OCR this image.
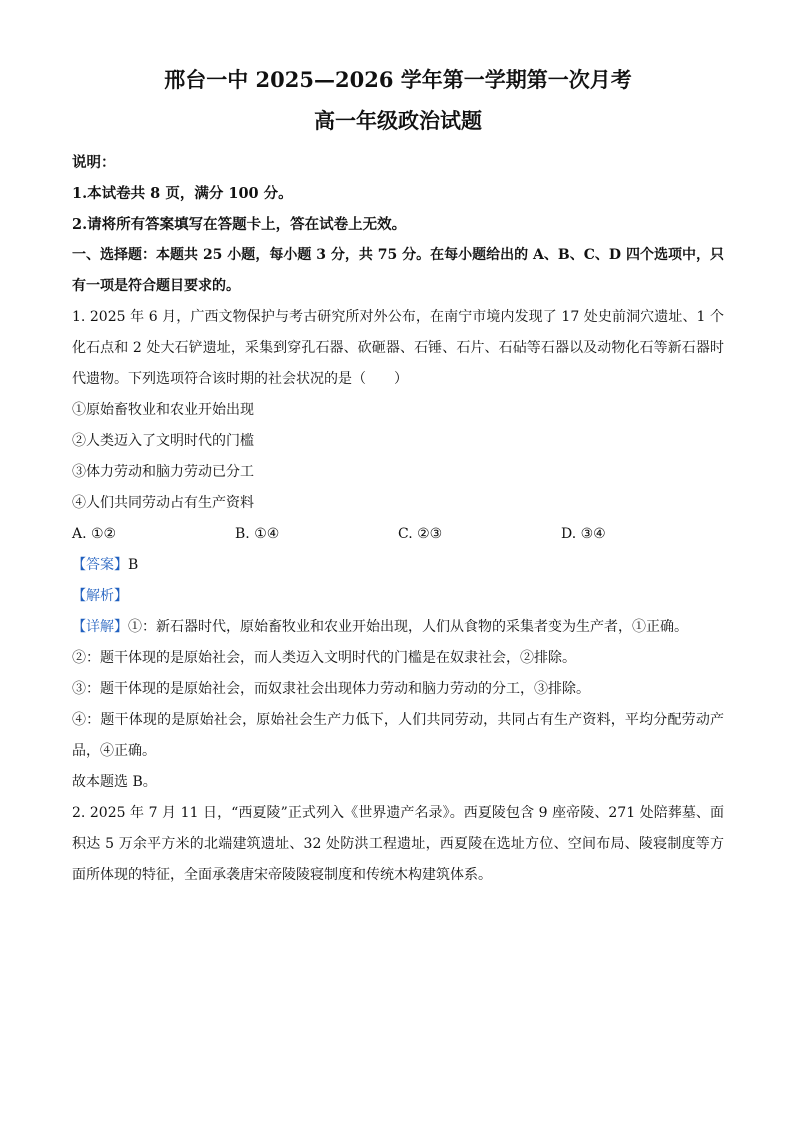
邢台一中 2025—2026 学年第一学期第一次月考
高一年级政治试题

说明：

1.本试卷共 8 页，满分 100 分。

2.请将所有答案填写在答题卡上，答在试卷上无效。

一、选择题：本题共 25 小题，每小题 3 分，共 75 分。在每小题给出的 A、B、C、D 四个选项中，只有一项是符合题目要求的。

1. 2025 年 6 月，广西文物保护与考古研究所对外公布，在南宁市境内发现了 17 处史前洞穴遗址、1 个化石点和 2 处大石铲遗址，采集到穿孔石器、砍砸器、石锤、石片、石砧等石器以及动物化石等新石器时代遗物。下列选项符合该时期的社会状况的是（　　）

①原始畜牧业和农业开始出现

②人类迈入了文明时代的门槛

③体力劳动和脑力劳动已分工

④人们共同劳动占有生产资料

A. ①②	B. ①④	C. ②③	D. ③④

【答案】B

【解析】

【详解】①：新石器时代，原始畜牧业和农业开始出现，人们从食物的采集者变为生产者，①正确。

②：题干体现的是原始社会，而人类迈入文明时代的门槛是在奴隶社会，②排除。

③：题干体现的是原始社会，而奴隶社会出现体力劳动和脑力劳动的分工，③排除。

④：题干体现的是原始社会，原始社会生产力低下，人们共同劳动，共同占有生产资料，平均分配劳动产品，④正确。

故本题选 B。

2. 2025 年 7 月 11 日，“西夏陵”正式列入《世界遗产名录》。西夏陵包含 9 座帝陵、271 处陪葬墓、面积达 5 万余平方米的北端建筑遗址、32 处防洪工程遗址，西夏陵在选址方位、空间布局、陵寝制度等方面所体现的特征，全面承袭唐宋帝陵陵寝制度和传统木构建筑体系。
